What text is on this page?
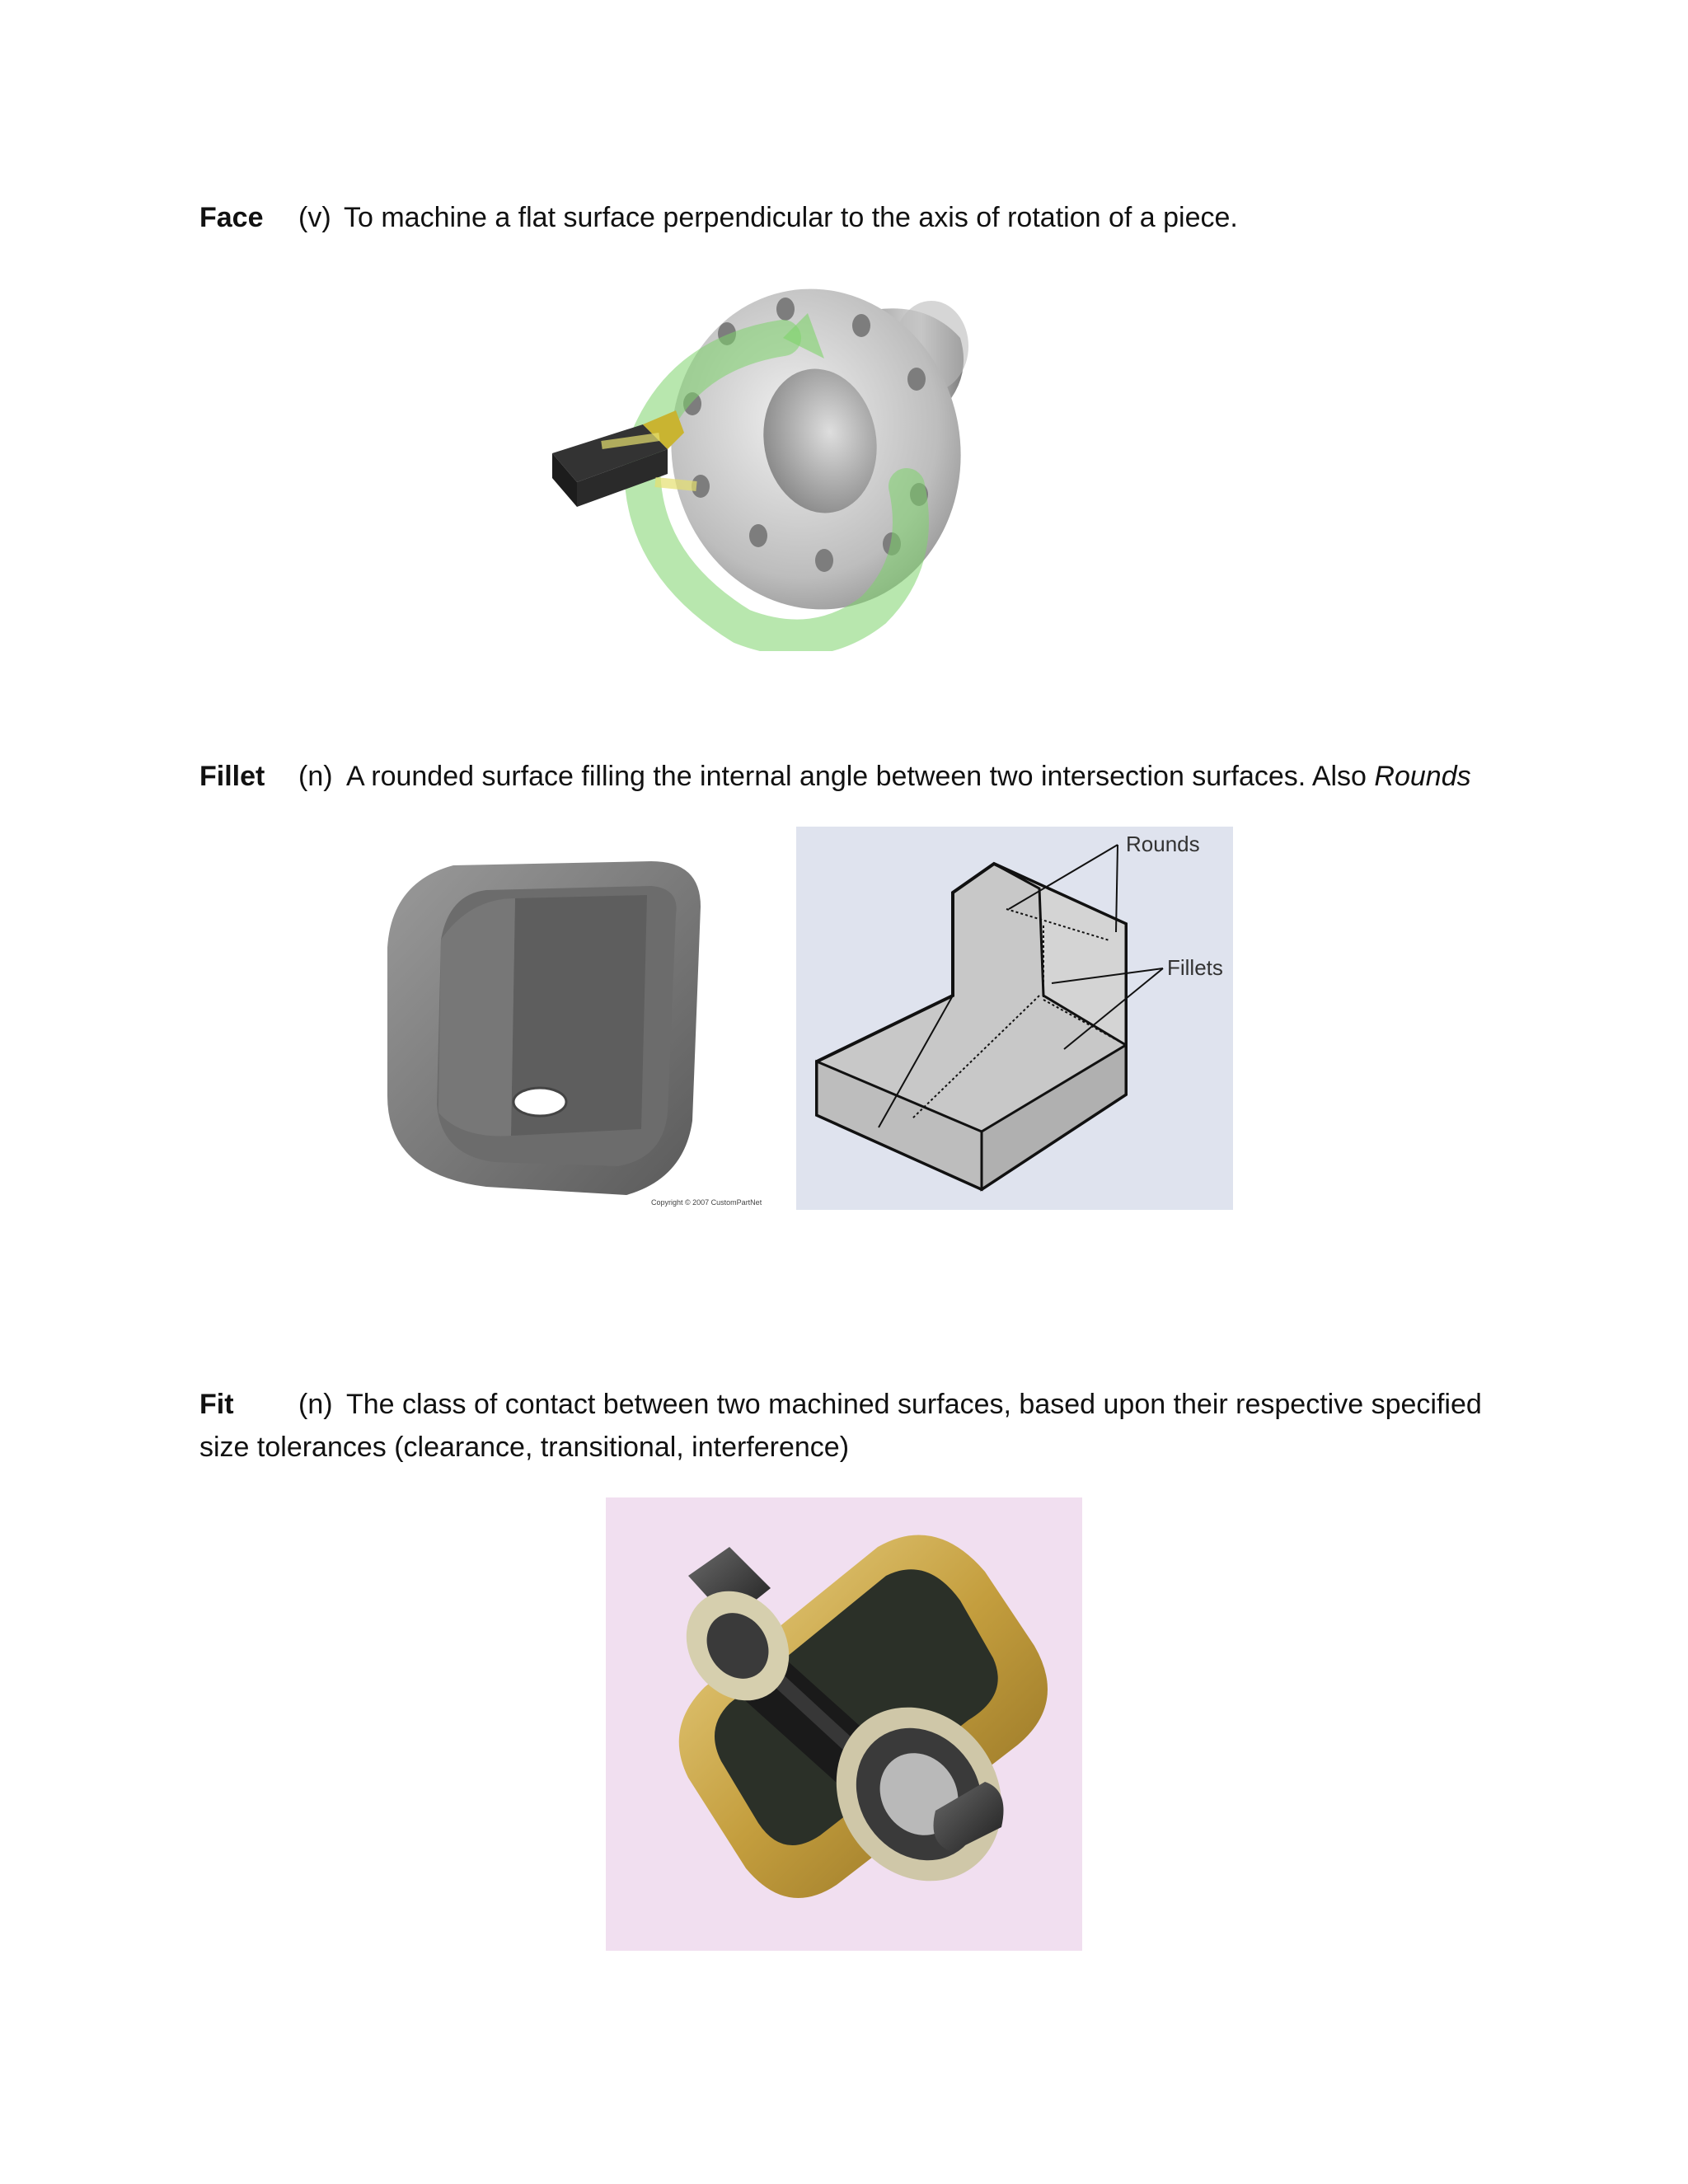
Face (v) To machine a flat surface perpendicular to the axis of rotation of a piece.
Fillet (n) A rounded surface filling the internal angle between two intersection surfaces. Also Rounds
Copyright © 2007 CustomPartNet
Rounds
Fillets
Fit (n) The class of contact between two machined surfaces, based upon their respective specified
size tolerances (clearance, transitional, interference)
